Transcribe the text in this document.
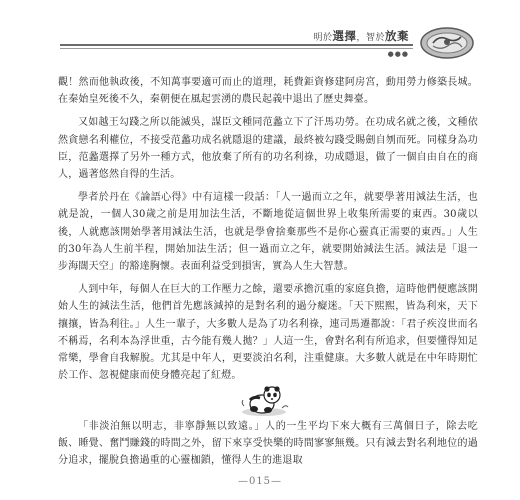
明於選擇，智於放棄
●●●

觀！然而他執政後，不知萬事要適可而止的道理，耗費鉅資修建阿房宮，動用勞力修築長城。在秦始皇死後不久，秦朝便在風起雲湧的農民起義中退出了歷史舞臺。

又如越王勾踐之所以能滅吳，謀臣文種同范蠡立下了汗馬功勞。在功成名就之後，文種依然貪戀名利權位，不接受范蠡功成名就隱退的建議，最終被勾踐受賜劍自刎而死。同樣身為功臣，范蠡選擇了另外一種方式，他放棄了所有的功名利祿，功成隱退，做了一個自由自在的商人，過著悠然自得的生活。

學者於丹在《論語心得》中有這樣一段話：「人一過而立之年，就要學著用減法生活，也就是說，一個人30歲之前是用加法生活，不斷地從這個世界上收集所需要的東西。30歲以後，人就應該開始學著用減法生活，也就是學會捨棄那些不是你心靈真正需要的東西。」人生的30年為人生前半程，開始加法生活；但一過而立之年，就要開始減法生活。減法是「退一步海闊天空」的豁達胸懷。表面利益受到損害，實為人生大智慧。

人到中年，每個人在巨大的工作壓力之餘，還要承擔沉重的家庭負擔，這時他們便應該開始人生的減法生活，他們首先應該減掉的是對名利的過分癡迷。「天下熙熙，皆為利來，天下攘攘，皆為利往。」人生一輩子，大多數人是為了功名利祿，連司馬遷都說：「君子疾沒世而名不稱焉，名利本為浮世重，古今能有幾人拋？」人這一生，會對名利有所追求，但要懂得知足常樂，學會自我解脫。尤其是中年人，更要淡泊名利，注重健康。大多數人就是在中年時期忙於工作、忽視健康而使身體亮起了紅燈。

「非淡泊無以明志，非寧靜無以致遠。」人的一生平均下來大概有三萬個日子，除去吃飯、睡覺、奮鬥賺錢的時間之外，留下來享受快樂的時間寥寥無幾。只有減去對名利地位的過分追求，擺脫負擔過重的心靈枷鎖，懂得人生的進退取

—015—
